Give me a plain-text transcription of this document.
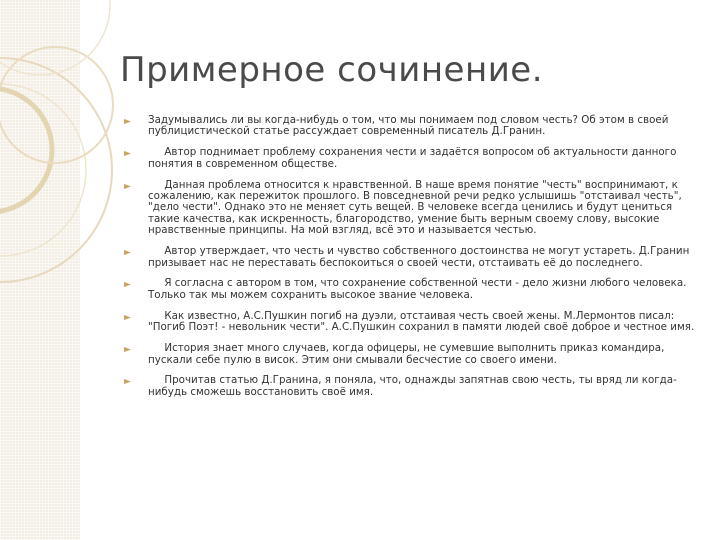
Примерное сочинение.
Задумывались ли вы когда-нибудь о том, что мы понимаем под словом честь? Об этом в своей публицистической статье рассуждает современный писатель Д.Гранин.
Автор поднимает проблему сохранения чести и задаётся вопросом об актуальности данного понятия в современном обществе.
Данная проблема относится к нравственной. В наше время понятие "честь" воспринимают, к сожалению, как пережиток прошлого. В повседневной речи редко услышишь "отстаивал честь", "дело чести". Однако это не меняет суть вещей. В человеке всегда ценились и будут цениться такие качества, как искренность, благородство, умение быть верным своему слову, высокие нравственные принципы. На мой взгляд, всё это и называется честью.
Автор утверждает, что честь и чувство собственного достоинства не могут устареть. Д.Гранин призывает нас не переставать беспокоиться о своей чести, отстаивать её до последнего.
Я согласна с автором в том, что сохранение собственной чести - дело жизни любого человека. Только так мы можем сохранить высокое звание человека.
Как известно, А.С.Пушкин погиб на дуэли, отстаивая честь своей жены. М.Лермонтов писал: "Погиб Поэт! - невольник чести". А.С.Пушкин сохранил в памяти людей своё доброе и честное имя.
История знает много случаев, когда офицеры, не сумевшие выполнить приказ командира, пускали себе пулю в висок. Этим они смывали бесчестие со своего имени.
Прочитав статью Д.Гранина, я поняла, что, однажды запятнав свою честь, ты вряд ли когда-нибудь сможешь восстановить своё имя.
